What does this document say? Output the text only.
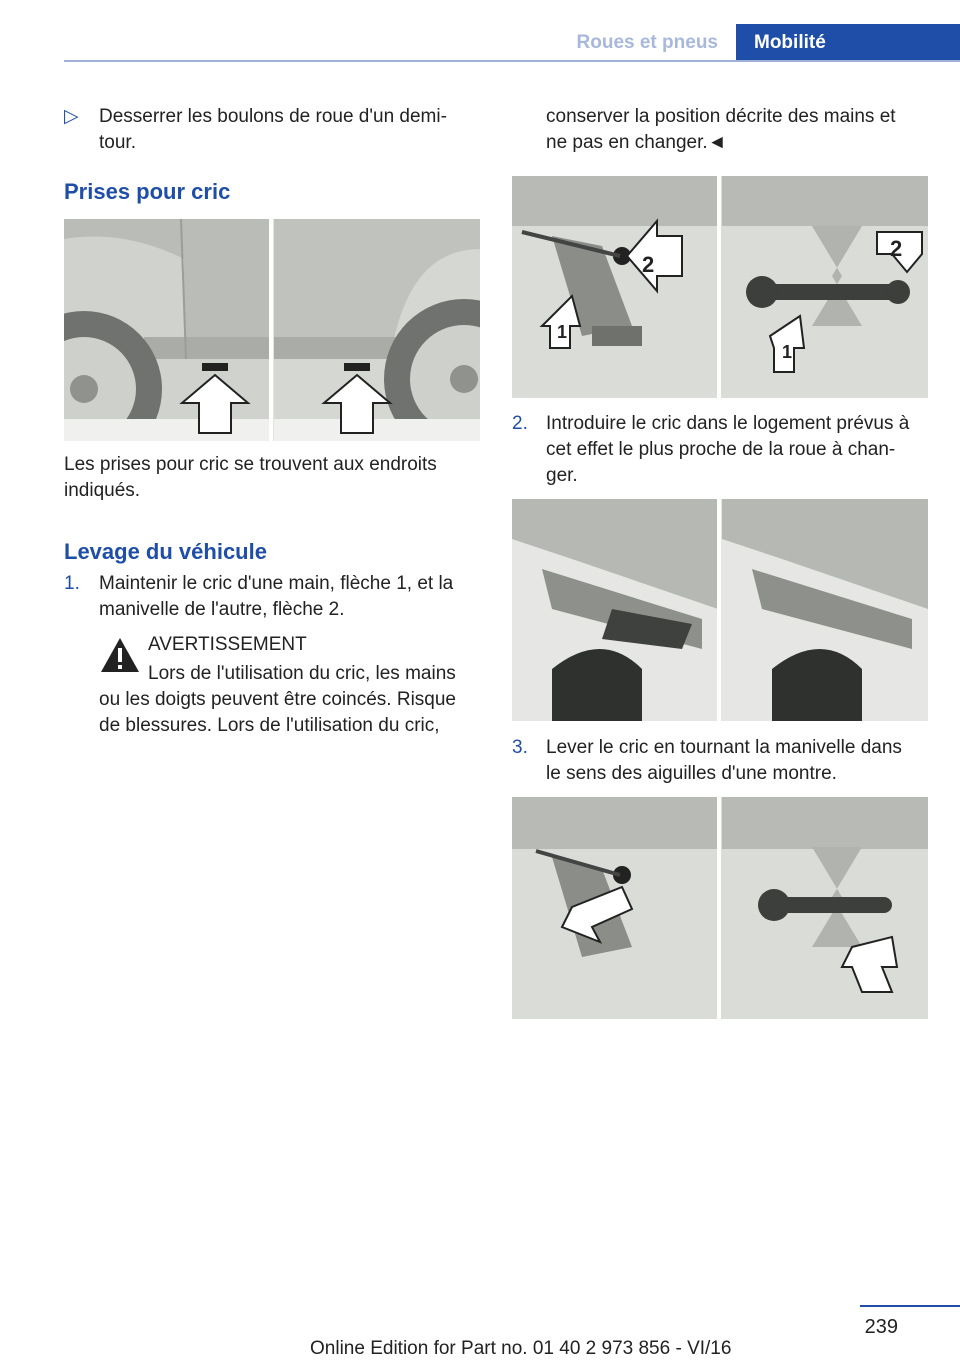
Roues et pneus	Mobilité
▷ Desserrer les boulons de roue d'un demi-
tour.
Prises pour cric
Les prises pour cric se trouvent aux endroits
indiqués.
Levage du véhicule
1. Maintenir le cric d'une main, flèche 1, et la
manivelle de l'autre, flèche 2.
AVERTISSEMENT
Lors de l'utilisation du cric, les mains
ou les doigts peuvent être coincés. Risque
de blessures. Lors de l'utilisation du cric,
conserver la position décrite des mains et
ne pas en changer.◄
2
2
1
1
2. Introduire le cric dans le logement prévus à
cet effet le plus proche de la roue à chan-
ger.
3. Lever le cric en tournant la manivelle dans
le sens des aiguilles d'une montre.
239
Online Edition for Part no. 01 40 2 973 856 - VI/16
